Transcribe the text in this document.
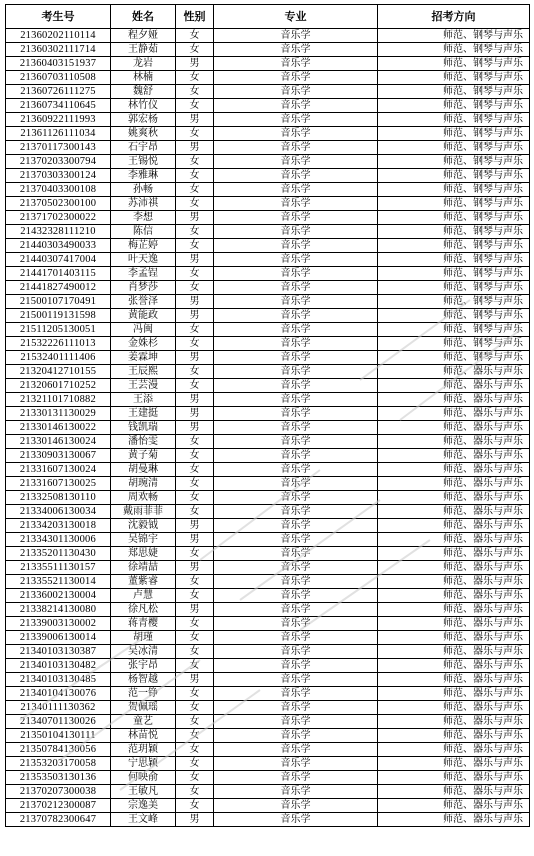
考生号	姓名	性别	专业	招考方向
21360202110114	程夕娅	女	音乐学	师范、钢琴与声乐
21360302111714	王静茹	女	音乐学	师范、钢琴与声乐
21360403151937	龙岩	男	音乐学	师范、钢琴与声乐
21360703110508	林楠	女	音乐学	师范、钢琴与声乐
21360726111275	魏舒	女	音乐学	师范、钢琴与声乐
21360734110645	林竹仪	女	音乐学	师范、钢琴与声乐
21360922111993	郭宏杨	男	音乐学	师范、钢琴与声乐
21361126111034	姚爽秋	女	音乐学	师范、钢琴与声乐
21370117300143	石宇昂	男	音乐学	师范、钢琴与声乐
21370203300794	王锡悦	女	音乐学	师范、钢琴与声乐
21370303300124	李雅琳	女	音乐学	师范、钢琴与声乐
21370403300108	孙畅	女	音乐学	师范、钢琴与声乐
21370502300100	苏沛祺	女	音乐学	师范、钢琴与声乐
21371702300022	李想	男	音乐学	师范、钢琴与声乐
21432328111210	陈信	女	音乐学	师范、钢琴与声乐
21440303490033	梅芷婷	女	音乐学	师范、钢琴与声乐
21440307417004	叶天逸	男	音乐学	师范、钢琴与声乐
21441701403115	李孟锃	女	音乐学	师范、钢琴与声乐
21441827490012	肖梦莎	女	音乐学	师范、钢琴与声乐
21500107170491	张誉泽	男	音乐学	师范、钢琴与声乐
21500119131598	黄能政	男	音乐学	师范、钢琴与声乐
21511205130051	冯闽	女	音乐学	师范、钢琴与声乐
21532226111013	金姝杉	女	音乐学	师范、钢琴与声乐
21532401111406	姜霖坤	男	音乐学	师范、钢琴与声乐
21320412710155	王辰熙	女	音乐学	师范、器乐与声乐
21320601710252	王芸漫	女	音乐学	师范、器乐与声乐
21321101710882	王添	男	音乐学	师范、器乐与声乐
21330131130029	王建挺	男	音乐学	师范、器乐与声乐
21330146130022	钱凯瑞	男	音乐学	师范、器乐与声乐
21330146130024	潘怡雯	女	音乐学	师范、器乐与声乐
21330903130067	黄子菊	女	音乐学	师范、器乐与声乐
21331607130024	胡曼琳	女	音乐学	师范、器乐与声乐
21331607130025	胡琬清	女	音乐学	师范、器乐与声乐
21332508130110	周欢畅	女	音乐学	师范、器乐与声乐
21334006130034	戴雨菲菲	女	音乐学	师范、器乐与声乐
21334203130018	沈毅钺	男	音乐学	师范、器乐与声乐
21334301130006	吴锦宇	男	音乐学	师范、器乐与声乐
21335201130430	郑思婕	女	音乐学	师范、器乐与声乐
21335511130157	徐靖喆	男	音乐学	师范、器乐与声乐
21335521130014	董紫睿	女	音乐学	师范、器乐与声乐
21336002130004	卢慧	女	音乐学	师范、器乐与声乐
21338214130080	徐凡松	男	音乐学	师范、器乐与声乐
21339003130002	蒋青樱	女	音乐学	师范、器乐与声乐
21339006130014	胡瑾	女	音乐学	师范、器乐与声乐
21340103130387	吴冰清	女	音乐学	师范、器乐与声乐
21340103130482	张宇昂	女	音乐学	师范、器乐与声乐
21340103130485	杨智越	男	音乐学	师范、器乐与声乐
21340104130076	范一铮	女	音乐学	师范、器乐与声乐
21340111130362	贺佩瑶	女	音乐学	师范、器乐与声乐
21340701130026	童艺	女	音乐学	师范、器乐与声乐
21350104130111	林苗悦	女	音乐学	师范、器乐与声乐
21350784130056	范玥颖	女	音乐学	师范、器乐与声乐
21353203170058	宁思颖	女	音乐学	师范、器乐与声乐
21353503130136	何映俞	女	音乐学	师范、器乐与声乐
21370207300038	王敏凡	女	音乐学	师范、器乐与声乐
21370212300087	宗逸美	女	音乐学	师范、器乐与声乐
21370782300647	王文峰	男	音乐学	师范、器乐与声乐
